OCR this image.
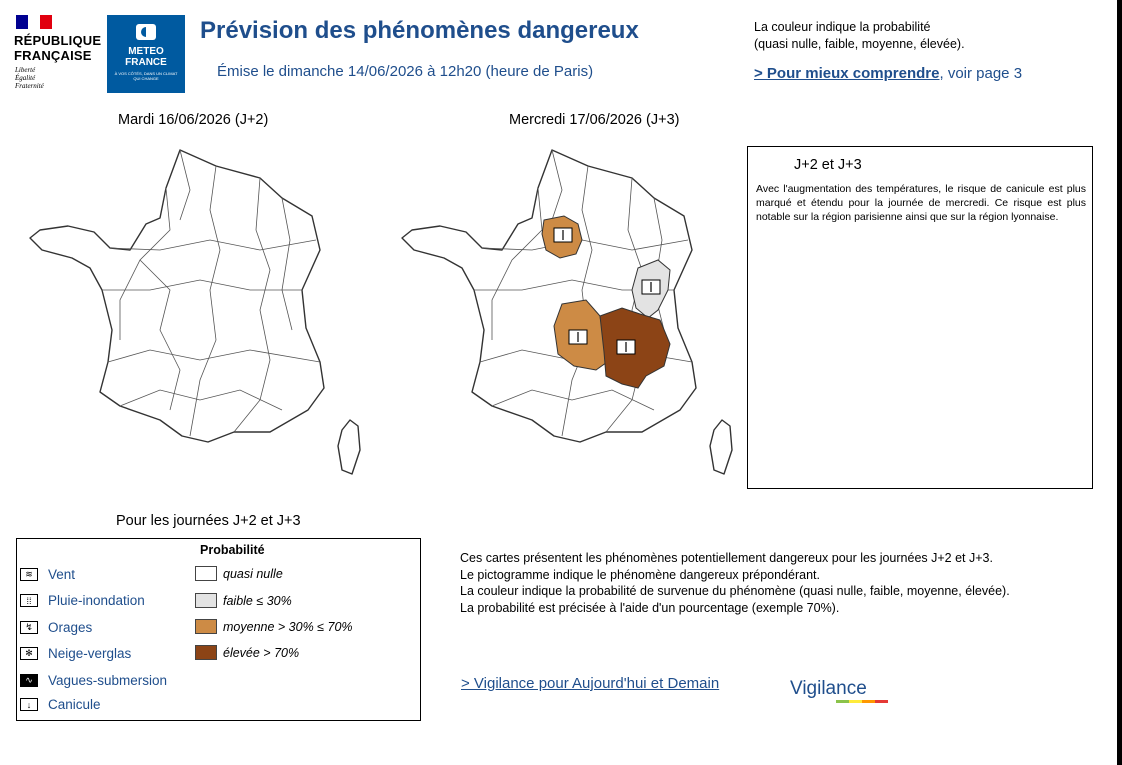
RÉPUBLIQUE
FRANÇAISE
Liberté
Égalité
Fraternité
METEO
FRANCE
À VOS CÔTÉS, DANS UN CLIMAT QUI CHANGE
Prévision des phénomènes dangereux
Émise le dimanche 14/06/2026 à 12h20 (heure de Paris)
La couleur indique la probabilité
(quasi nulle, faible, moyenne, élevée).
> Pour mieux comprendre, voir page 3
Mardi 16/06/2026 (J+2)	Mercredi 17/06/2026 (J+3)
J+2 et J+3
Avec l'augmentation des températures, le risque de canicule est plus marqué et étendu pour la journée de mercredi. Ce risque est plus notable sur la région parisienne ainsi que sur la région lyonnaise.
Pour les journées J+2 et J+3
≋	Vent
⁞⁞	Pluie-inondation
↯	Orages
✻	Neige-verglas
∿	Vagues-submersion
↓	Canicule
Probabilité
quasi nulle
faible ≤ 30%
moyenne > 30% ≤ 70%
élevée > 70%
Ces cartes présentent les phénomènes potentiellement dangereux pour les journées J+2 et J+3.
Le pictogramme indique le phénomène dangereux prépondérant.
La couleur indique la probabilité de survenue du phénomène (quasi nulle, faible, moyenne, élevée).
La probabilité est précisée à l'aide d'un pourcentage (exemple 70%).
> Vigilance pour Aujourd'hui et Demain	Vigilance
